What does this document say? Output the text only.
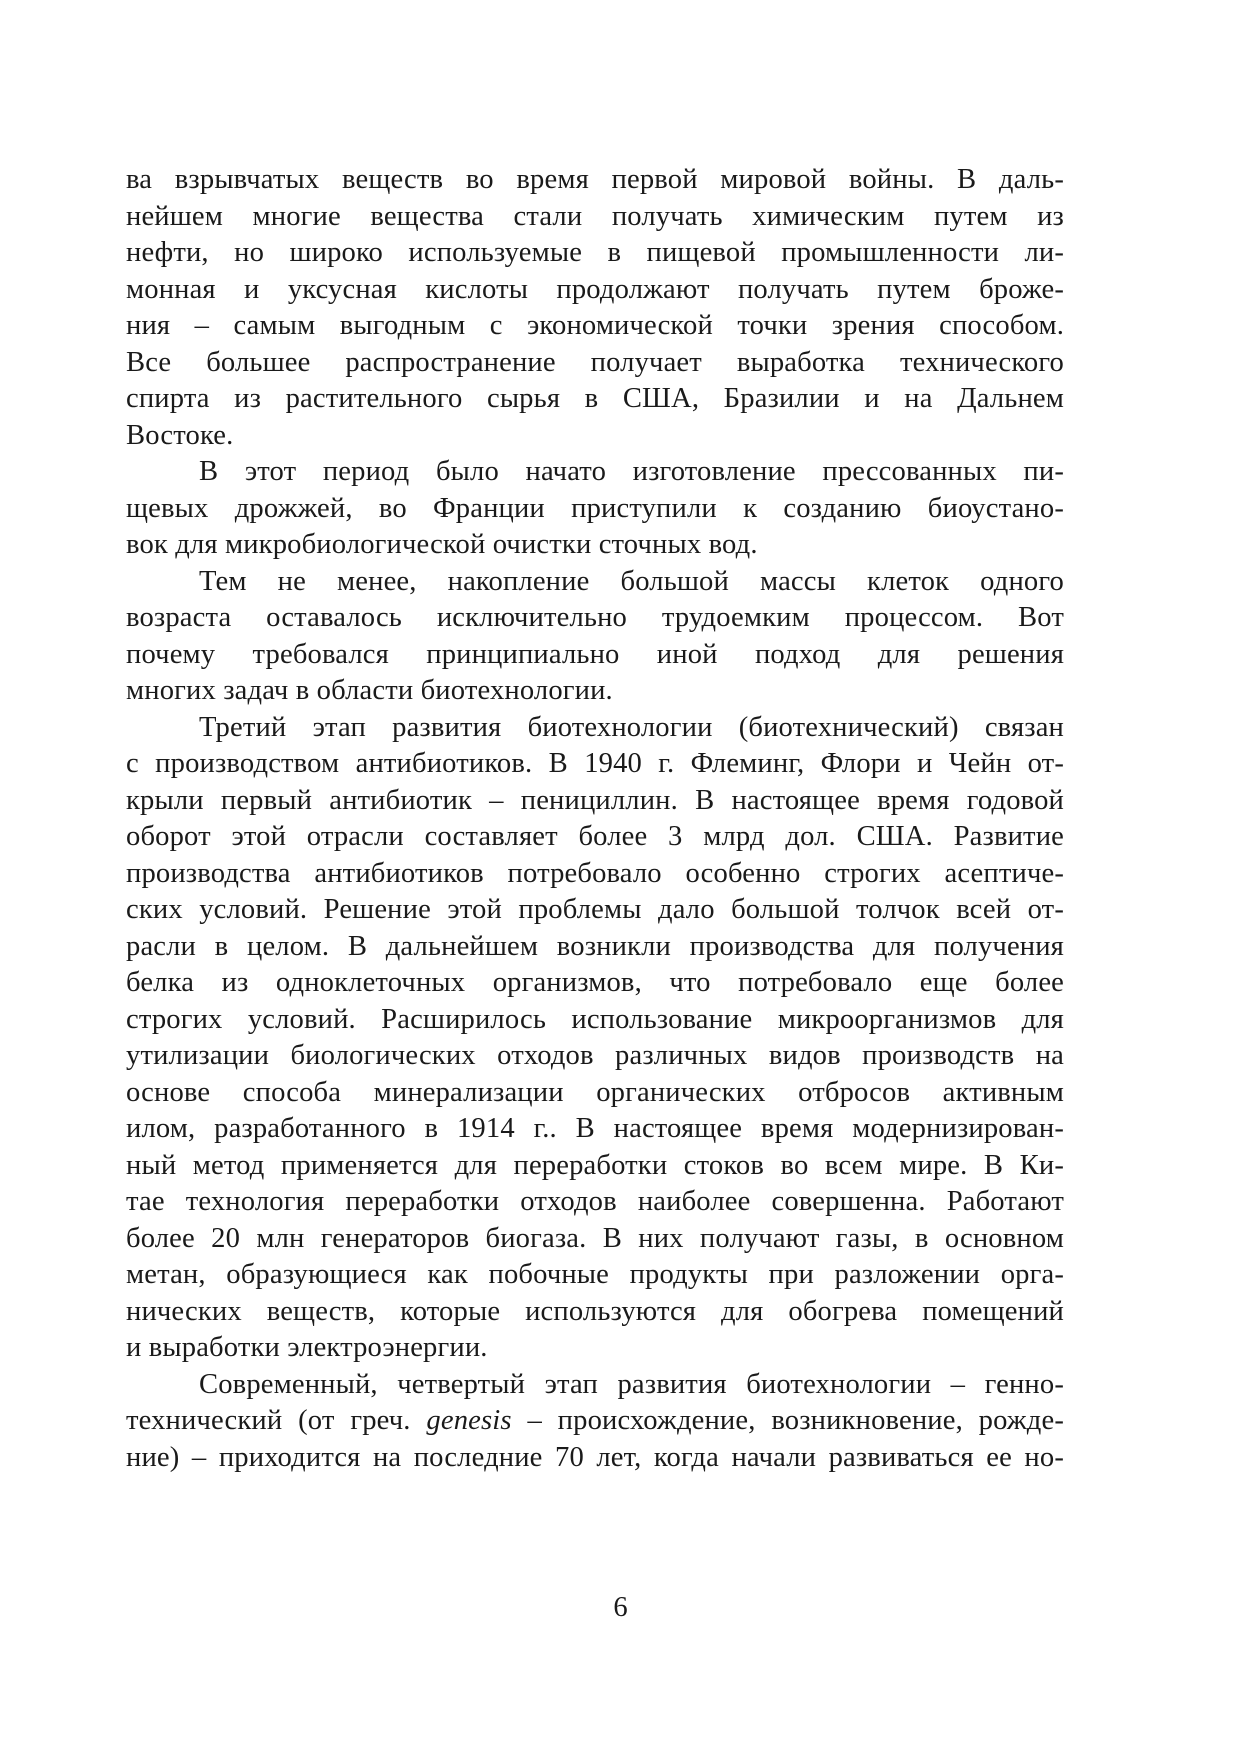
ва взрывчатых веществ во время первой мировой войны. В даль-
нейшем многие вещества стали получать химическим путем из
нефти, но широко используемые в пищевой промышленности ли-
монная и уксусная кислоты продолжают получать путем броже-
ния – самым выгодным с экономической точки зрения способом.
Все большее распространение получает выработка технического
спирта из растительного сырья в США, Бразилии и на Дальнем
Востоке.
В этот период было начато изготовление прессованных пи-
щевых дрожжей, во Франции приступили к созданию биоустано-
вок для микробиологической очистки сточных вод.
Тем не менее, накопление большой массы клеток одного
возраста оставалось исключительно трудоемким процессом. Вот
почему требовался принципиально иной подход для решения
многих задач в области биотехнологии.
Третий этап развития биотехнологии (биотехнический) связан
с производством антибиотиков. В 1940 г. Флеминг, Флори и Чейн от-
крыли первый антибиотик – пенициллин. В настоящее время годовой
оборот этой отрасли составляет более 3 млрд дол. США. Развитие
производства антибиотиков потребовало особенно строгих асептиче-
ских условий. Решение этой проблемы дало большой толчок всей от-
расли в целом. В дальнейшем возникли производства для получения
белка из одноклеточных организмов, что потребовало еще более
строгих условий. Расширилось использование микроорганизмов для
утилизации биологических отходов различных видов производств на
основе способа минерализации органических отбросов активным
илом, разработанного в 1914 г.. В настоящее время модернизирован-
ный метод применяется для переработки стоков во всем мире. В Ки-
тае технология переработки отходов наиболее совершенна. Работают
более 20 млн генераторов биогаза. В них получают газы, в основном
метан, образующиеся как побочные продукты при разложении орга-
нических веществ, которые используются для обогрева помещений
и выработки электроэнергии.
Современный, четвертый этап развития биотехнологии – генно-
технический (от греч. genesis – происхождение, возникновение, рожде-
ние) – приходится на последние 70 лет, когда начали развиваться ее но-
6
